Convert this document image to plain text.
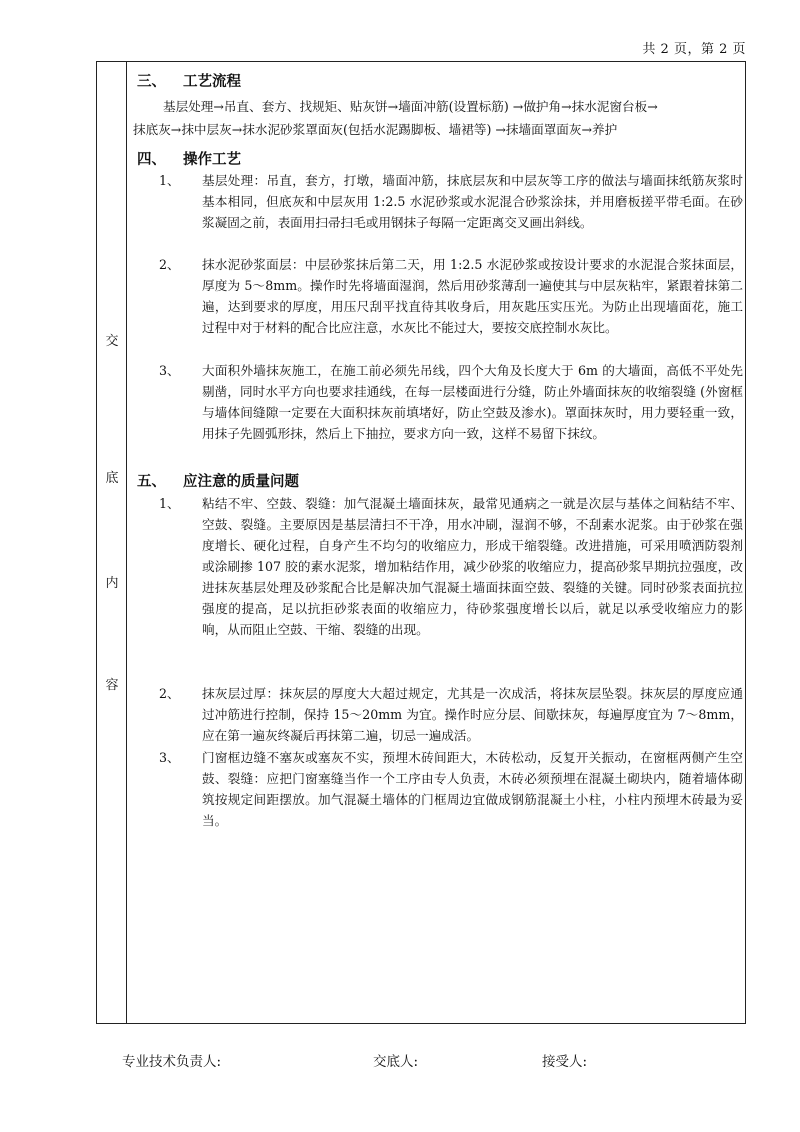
共 2 页，第 2 页
交
底
内
容
三、 工艺流程

基层处理→吊直、套方、找规矩、贴灰饼→墙面冲筋(设置标筋) →做护角→抹水泥窗台板→

抹底灰→抹中层灰→抹水泥砂浆罩面灰(包括水泥踢脚板、墙裙等) →抹墙面罩面灰→养护

四、 操作工艺
1、 基层处理：吊直，套方，打墩，墙面冲筋，抹底层灰和中层灰等工序的做法与墙面抹纸筋灰浆时基本相同，但底灰和中层灰用 1:2.5 水泥砂浆或水泥混合砂浆涂抹，并用磨板搓平带毛面。在砂浆凝固之前，表面用扫帚扫毛或用钢抹子每隔一定距离交叉画出斜线。

2、 抹水泥砂浆面层：中层砂浆抹后第二天，用 1:2.5 水泥砂浆或按设计要求的水泥混合浆抹面层，厚度为 5～8mm。操作时先将墙面湿润，然后用砂浆薄刮一遍使其与中层灰粘牢，紧跟着抹第二遍，达到要求的厚度，用压尺刮平找直待其收身后，用灰匙压实压光。为防止出现墙面花，施工过程中对于材料的配合比应注意，水灰比不能过大，要按交底控制水灰比。

3、 大面积外墙抹灰施工，在施工前必须先吊线，四个大角及长度大于 6m 的大墙面，高低不平处先剔凿，同时水平方向也要求挂通线，在每一层楼面进行分缝，防止外墙面抹灰的收缩裂缝 (外窗框与墙体间缝隙一定要在大面积抹灰前填堵好，防止空鼓及渗水)。罩面抹灰时，用力要轻重一致，用抹子先圆弧形抹，然后上下抽拉，要求方向一致，这样不易留下抹纹。

五、 应注意的质量问题
1、 粘结不牢、空鼓、裂缝：加气混凝土墙面抹灰，最常见通病之一就是次层与基体之间粘结不牢、空鼓、裂缝。主要原因是基层清扫不干净，用水冲刷，湿润不够，不刮素水泥浆。由于砂浆在强度增长、硬化过程，自身产生不均匀的收缩应力，形成干缩裂缝。改进措施，可采用喷洒防裂剂或涂刷掺 107 胶的素水泥浆，增加粘结作用，减少砂浆的收缩应力，提高砂浆早期抗拉强度，改进抹灰基层处理及砂浆配合比是解决加气混凝土墙面抹面空鼓、裂缝的关键。同时砂浆表面抗拉强度的提高，足以抗拒砂浆表面的收缩应力，待砂浆强度增长以后，就足以承受收缩应力的影响，从而阻止空鼓、干缩、裂缝的出现。

2、 抹灰层过厚：抹灰层的厚度大大超过规定，尤其是一次成活，将抹灰层坠裂。抹灰层的厚度应通过冲筋进行控制，保持 15～20mm 为宜。操作时应分层、间歇抹灰，每遍厚度宜为 7～8mm，应在第一遍灰终凝后再抹第二遍，切忌一遍成活。

3、 门窗框边缝不塞灰或塞灰不实，预埋木砖间距大，木砖松动，反复开关振动，在窗框两侧产生空鼓、裂缝：应把门窗塞缝当作一个工序由专人负责，木砖必须预埋在混凝土砌块内，随着墙体砌筑按规定间距摆放。加气混凝土墙体的门框周边宜做成钢筋混凝土小柱，小柱内预埋木砖最为妥当。

专业技术负责人:	交底人:	接受人:
